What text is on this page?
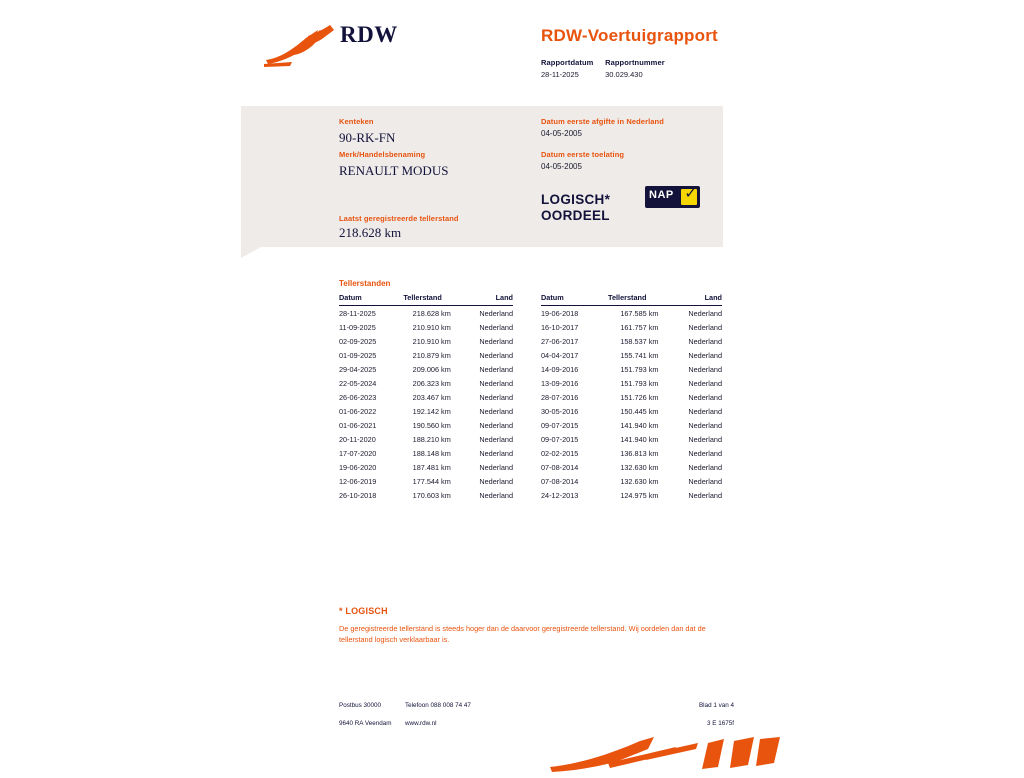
RDW	RDW-Voertuigrapport
Rapportdatum
28-11-2025

Rapportnummer
30.029.430
Kenteken
90-RK-FN
Merk/Handelsbenaming
RENAULT MODUS
Laatst geregistreerde tellerstand
218.628 km
Datum eerste afgifte in Nederland
04-05-2005
Datum eerste toelating
04-05-2005
LOGISCH*
OORDEEL
NAP ✓
Tellerstanden
Datum	Tellerstand	Land
28-11-2025	218.628 km	Nederland
11-09-2025	210.910 km	Nederland
02-09-2025	210.910 km	Nederland
01-09-2025	210.879 km	Nederland
29-04-2025	209.006 km	Nederland
22-05-2024	206.323 km	Nederland
26-06-2023	203.467 km	Nederland
01-06-2022	192.142 km	Nederland
01-06-2021	190.560 km	Nederland
20-11-2020	188.210 km	Nederland
17-07-2020	188.148 km	Nederland
19-06-2020	187.481 km	Nederland
12-06-2019	177.544 km	Nederland
26-10-2018	170.603 km	Nederland
Datum	Tellerstand	Land
19-06-2018	167.585 km	Nederland
16-10-2017	161.757 km	Nederland
27-06-2017	158.537 km	Nederland
04-04-2017	155.741 km	Nederland
14-09-2016	151.793 km	Nederland
13-09-2016	151.793 km	Nederland
28-07-2016	151.726 km	Nederland
30-05-2016	150.445 km	Nederland
09-07-2015	141.940 km	Nederland
09-07-2015	141.940 km	Nederland
02-02-2015	136.813 km	Nederland
07-08-2014	132.630 km	Nederland
07-08-2014	132.630 km	Nederland
24-12-2013	124.975 km	Nederland
* LOGISCH
De geregistreerde tellerstand is steeds hoger dan de daarvoor geregistreerde tellerstand. Wij oordelen dan dat de tellerstand logisch verklaarbaar is.
Postbus 30000
9640 RA Veendam
Telefoon 088 008 74 47
www.rdw.nl
Blad 1 van 4
3 E 1675f
